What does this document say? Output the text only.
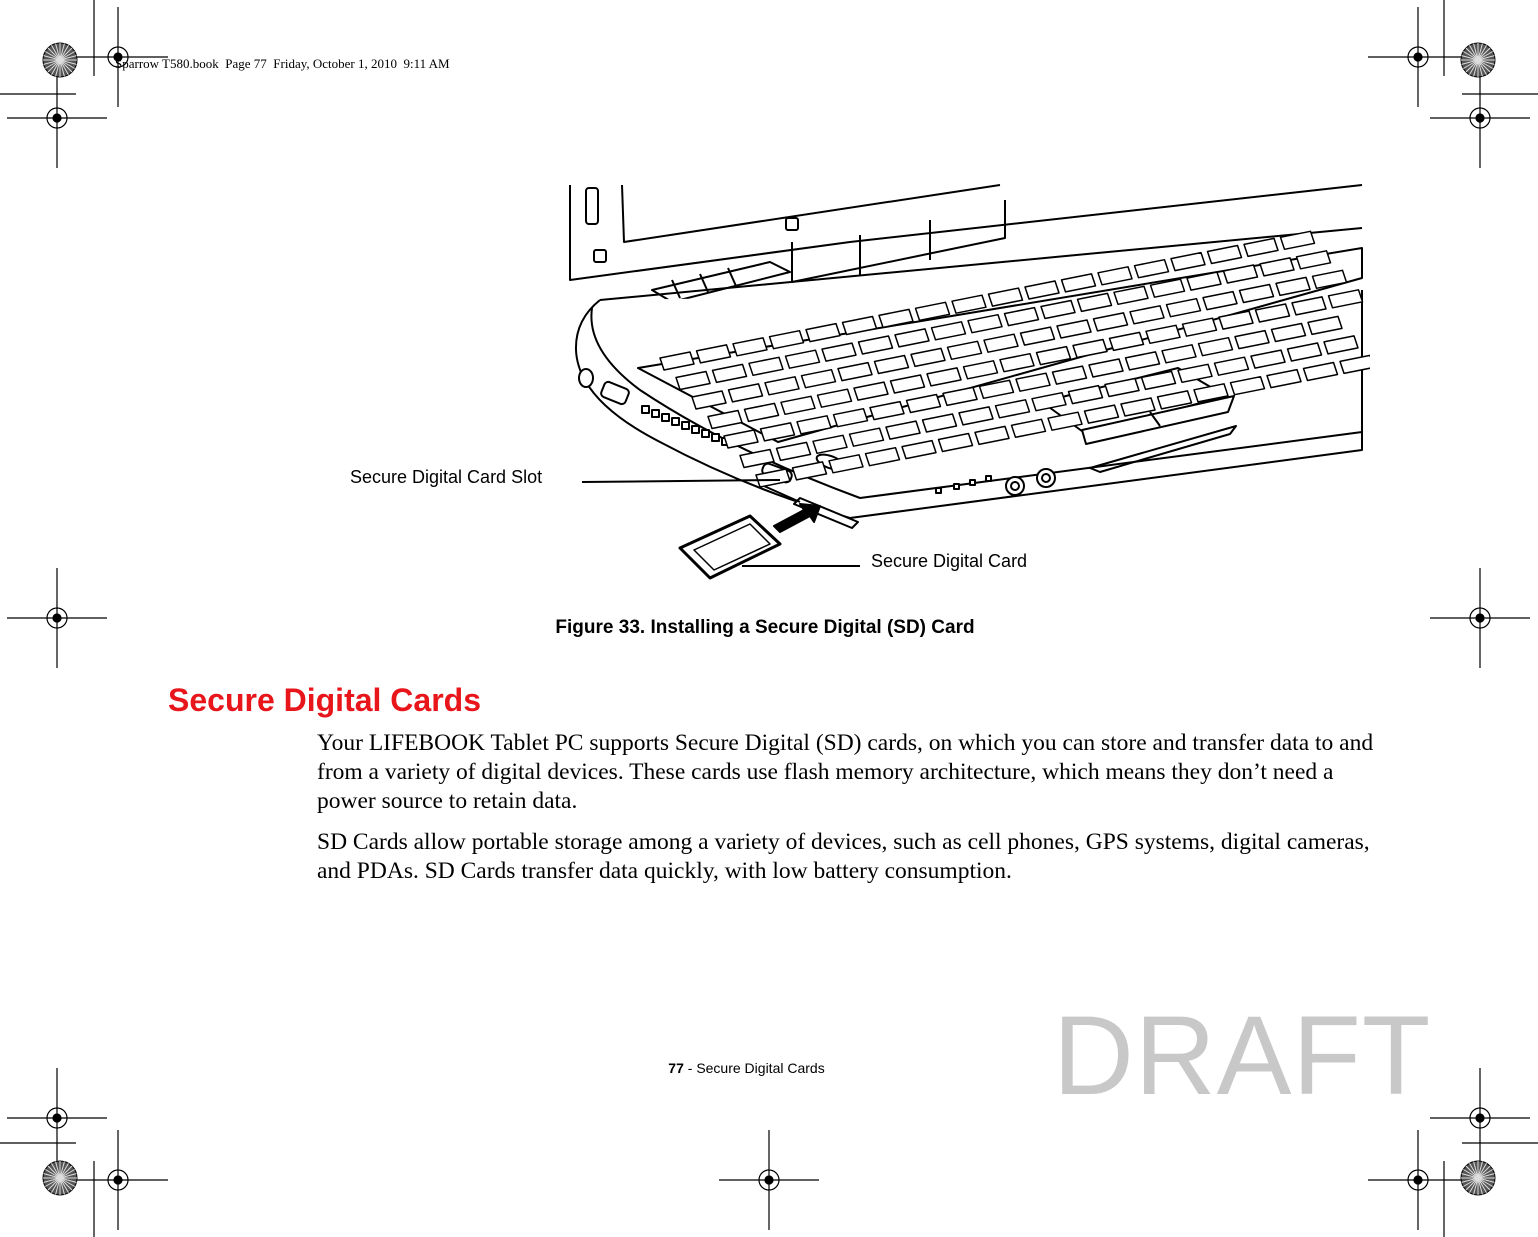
Sparrow T580.book  Page 77  Friday, October 1, 2010  9:11 AM
Secure Digital Card Slot
Secure Digital Card
Figure 33. Installing a Secure Digital (SD) Card
Secure Digital Cards

Your LIFEBOOK Tablet PC supports Secure Digital (SD) cards, on which you can store and transfer data to and from a variety of digital devices. These cards use flash memory architecture, which means they don’t need a power source to retain data.

SD Cards allow portable storage among a variety of devices, such as cell phones, GPS systems, digital cameras, and PDAs. SD Cards transfer data quickly, with low battery consumption.

77 - Secure Digital Cards	DRAFT
